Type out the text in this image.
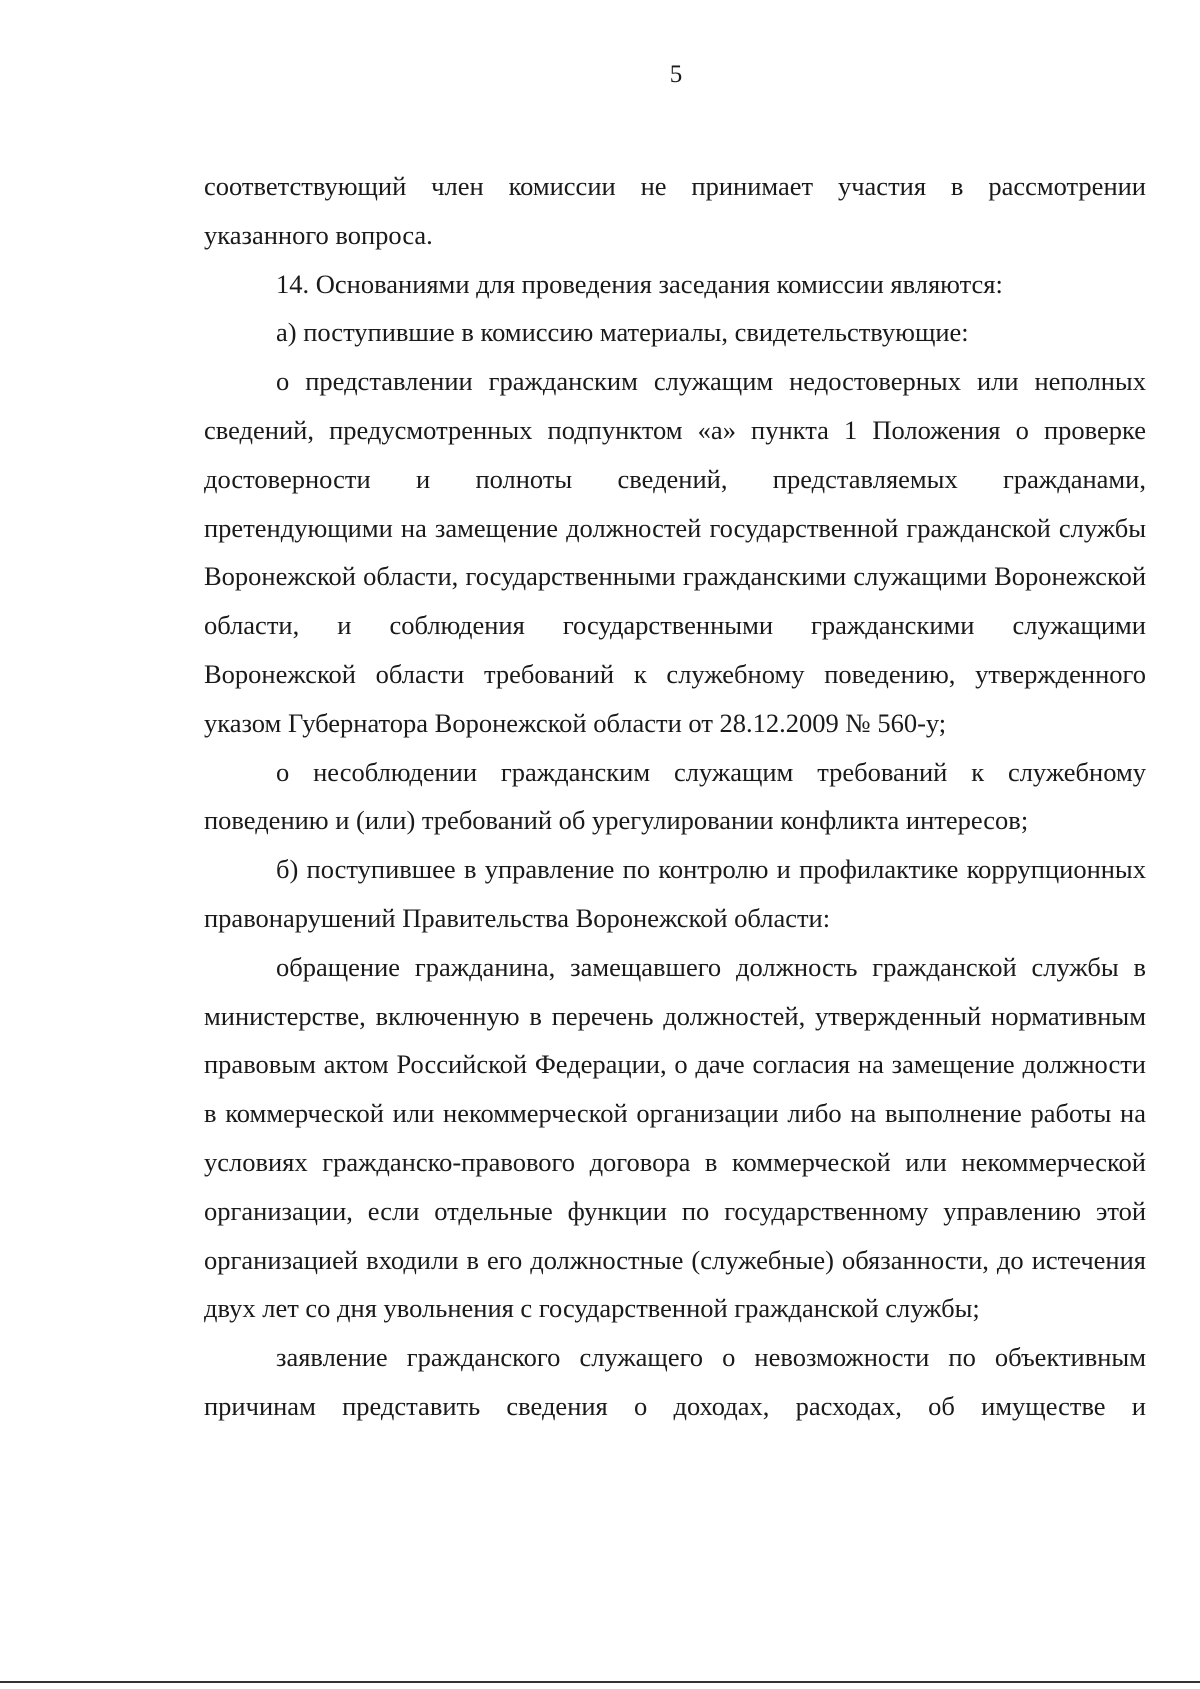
5

соответствующий член комиссии не принимает участия в рассмотрении указанного вопроса.

14. Основаниями для проведения заседания комиссии являются:

а) поступившие в комиссию материалы, свидетельствующие:

о представлении гражданским служащим недостоверных или неполных сведений, предусмотренных подпунктом «а» пункта 1 Положения о проверке достоверности и полноты сведений, представляемых гражданами, претендующими на замещение должностей государственной гражданской службы Воронежской области, государственными гражданскими служащими Воронежской области, и соблюдения государственными гражданскими служащими Воронежской области требований к служебному поведению, утвержденного указом Губернатора Воронежской области от 28.12.2009 № 560-у;

о несоблюдении гражданским служащим требований к служебному поведению и (или) требований об урегулировании конфликта интересов;

б) поступившее в управление по контролю и профилактике коррупционных правонарушений Правительства Воронежской области:

обращение гражданина, замещавшего должность гражданской службы в министерстве, включенную в перечень должностей, утвержденный нормативным правовым актом Российской Федерации, о даче согласия на замещение должности в коммерческой или некоммерческой организации либо на выполнение работы на условиях гражданско-правового договора в коммерческой или некоммерческой организации, если отдельные функции по государственному управлению этой организацией входили в его должностные (служебные) обязанности, до истечения двух лет со дня увольнения с государственной гражданской службы;

заявление гражданского служащего о невозможности по объективным причинам представить сведения о доходах, расходах, об имуществе и
